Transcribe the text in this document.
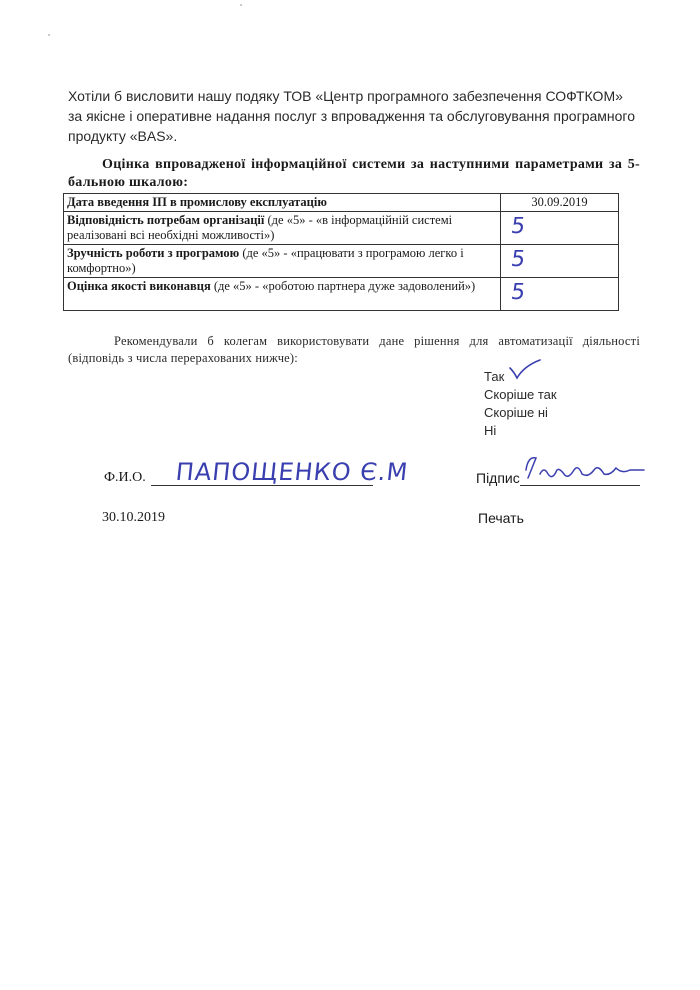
Хотіли б висловити нашу подяку ТОВ «Центр програмного забезпечення СОФТКОМ» за якісне і оперативне надання послуг з впровадження та обслуговування програмного продукту «BAS».
Оцінка впровадженої інформаційної системи за наступними параметрами за 5-бальною шкалою:
Дата введення ІП в промислову експлуатацію	30.09.2019
Відповідність потребам організації (де «5» - «в інформаційній системі реалізовані всі необхідні можливості»)	5
Зручність роботи з програмою (де «5» - «працювати з програмою легко і комфортно»)	5
Оцінка якості виконавця (де «5» - «роботою партнера дуже задоволений»)	5
Рекомендували б колегам використовувати дане рішення для автоматизації діяльності (відповідь з числа перерахованих нижче):
Так
Скоріше так
Скоріше ні
Ні
Ф.И.О.	ПАПОЩЕНКО Є.М	Підпис
30.10.2019	Печать
